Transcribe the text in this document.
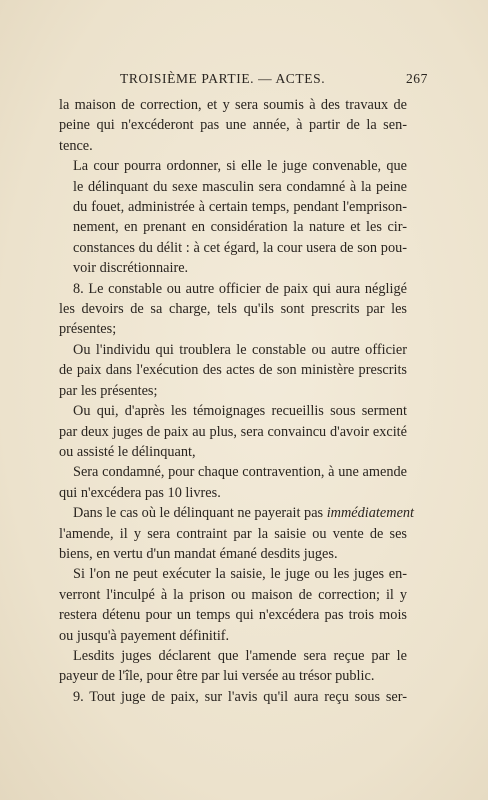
TROISIÈME PARTIE. — ACTES.	267

la maison de correction, et y sera soumis à des travaux de
peine qui n'excéderont pas une année, à partir de la sen-
tence.

La cour pourra ordonner, si elle le juge convenable, que
le délinquant du sexe masculin sera condamné à la peine
du fouet, administrée à certain temps, pendant l'emprison-
nement, en prenant en considération la nature et les cir-
constances du délit : à cet égard, la cour usera de son pou-
voir discrétionnaire.

8. Le constable ou autre officier de paix qui aura négligé
les devoirs de sa charge, tels qu'ils sont prescrits par les
présentes;

Ou l'individu qui troublera le constable ou autre officier
de paix dans l'exécution des actes de son ministère prescrits
par les présentes;

Ou qui, d'après les témoignages recueillis sous serment
par deux juges de paix au plus, sera convaincu d'avoir excité
ou assisté le délinquant,

Sera condamné, pour chaque contravention, à une amende
qui n'excédera pas 10 livres.

Dans le cas où le délinquant ne payerait pas immédiatement
l'amende, il y sera contraint par la saisie ou vente de ses
biens, en vertu d'un mandat émané desdits juges.

Si l'on ne peut exécuter la saisie, le juge ou les juges en-
verront l'inculpé à la prison ou maison de correction; il y
restera détenu pour un temps qui n'excédera pas trois mois
ou jusqu'à payement définitif.

Lesdits juges déclarent que l'amende sera reçue par le
payeur de l'île, pour être par lui versée au trésor public.

9. Tout juge de paix, sur l'avis qu'il aura reçu sous ser-
